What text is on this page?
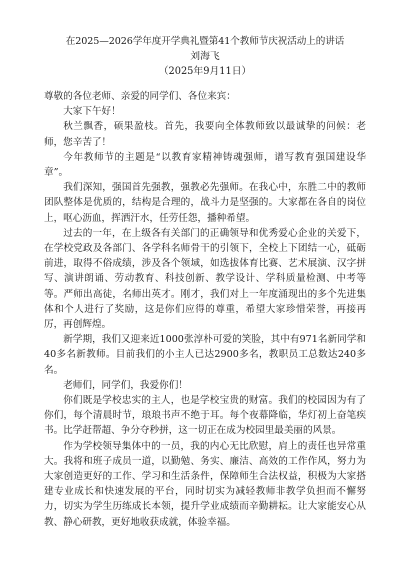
在2025—2026学年度开学典礼暨第41个教师节庆祝活动上的讲话

刘海飞

（2025年9月11日）

尊敬的各位老师、亲爱的同学们、各位来宾：

大家下午好！

秋兰飘香，硕果盈枝。首先，我要向全体教师致以最诚挚的问候：老师，您辛苦了！

今年教师节的主题是“以教育家精神铸魂强师，谱写教育强国建设华章”。

我们深知，强国首先强教，强教必先强师。在我心中，东胜二中的教师团队整体是优质的，结构是合理的，战斗力是坚强的。大家都在各自的岗位上，呕心沥血，挥洒汗水，任劳任怨，播种希望。

过去的一年，在上级各有关部门的正确领导和优秀爱心企业的关爱下，在学校党政及各部门、各学科名师骨干的引领下，全校上下团结一心，砥砺前进，取得不俗成绩，涉及各个领域，如选拔体育比赛、艺术展演、汉字拼写、演讲朗诵、劳动教育、科技创新、教学设计、学科质量检测、中考等等。严师出高徒，名师出英才。刚才，我们对上一年度涌现出的多个先进集体和个人进行了奖励，这是你们应得的尊重，希望大家珍惜荣誉，再接再厉，再创辉煌。

新学期，我们又迎来近1000张淳朴可爱的笑脸，其中有971名新同学和40多名新教师。目前我们的小主人已达2900多名，教职员工总数达240多名。

老师们，同学们，我爱你们！

你们既是学校忠实的主人，也是学校宝贵的财富。我们的校园因为有了你们，每个清晨时节，琅琅书声不绝于耳。每个夜幕降临，华灯初上奋笔疾书。比学赶帮超、争分夺秒拼，这一切正在成为校园里最美丽的风景。

作为学校领导集体中的一员，我的内心无比欣慰，肩上的责任也异常重大。我将和班子成员一道，以勤勉、务实、廉洁、高效的工作作风，努力为大家创造更好的工作、学习和生活条件，保障师生合法权益，积极为大家搭建专业成长和快速发展的平台，同时切实为减轻教师非教学负担而不懈努力，切实为学生历练成长本领，提升学业成绩而辛勤耕耘。让大家能安心从教、静心研教，更好地收获成就，体验幸福。
